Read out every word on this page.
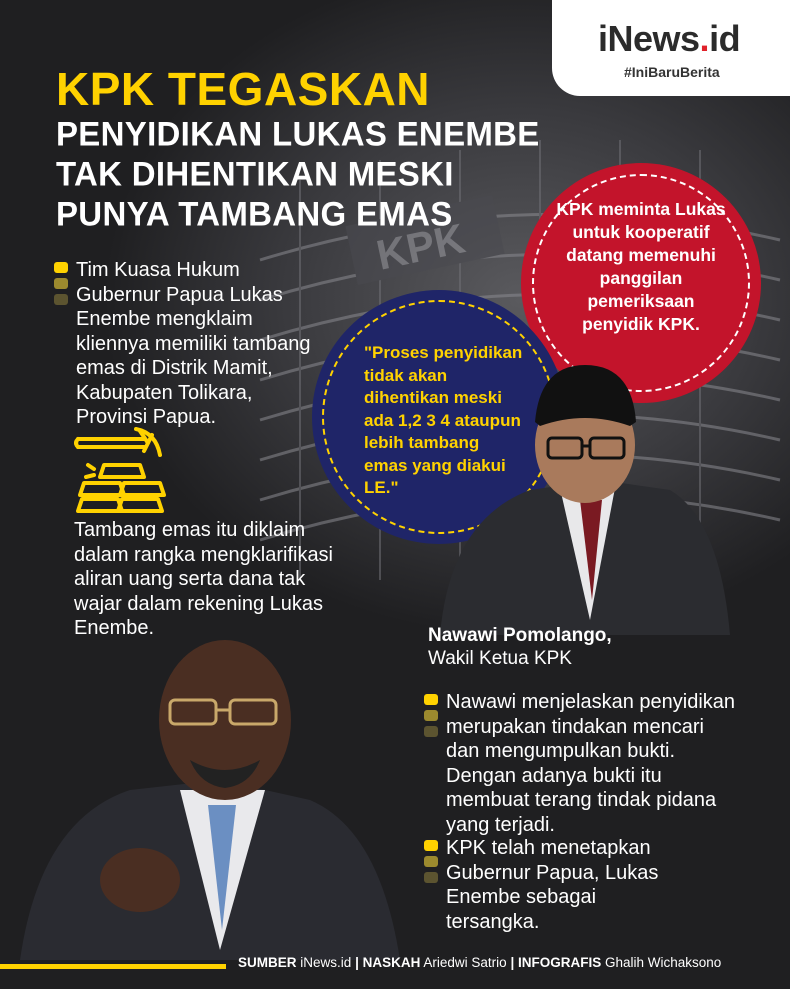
KPK
iNews.id
#IniBaruBerita
KPK TEGASKAN
PENYIDIKAN LUKAS ENEMBE
TAK DIHENTIKAN MESKI
PUNYA TAMBANG EMAS
Tim Kuasa Hukum Gubernur Papua Lukas Enembe mengklaim kliennya memiliki tambang emas di Distrik Mamit, Kabupaten Tolikara, Provinsi Papua.
Tambang emas itu diklaim dalam rangka mengklarifikasi aliran uang serta dana tak wajar dalam rekening Lukas Enembe.
KPK meminta Lukas untuk kooperatif datang memenuhi panggilan pemeriksaan penyidik KPK.
"Proses penyidikan tidak akan dihentikan meski ada 1,2 3 4 ataupun lebih tambang emas yang diakui LE."
Nawawi Pomolango,
Wakil Ketua KPK
Nawawi menjelaskan penyidikan merupakan tindakan mencari dan mengumpulkan bukti. Dengan adanya bukti itu membuat terang tindak pidana yang terjadi.
KPK telah menetapkan Gubernur Papua, Lukas Enembe sebagai tersangka.
SUMBER iNews.id | NASKAH Ariedwi Satrio | INFOGRAFIS Ghalih Wichaksono
